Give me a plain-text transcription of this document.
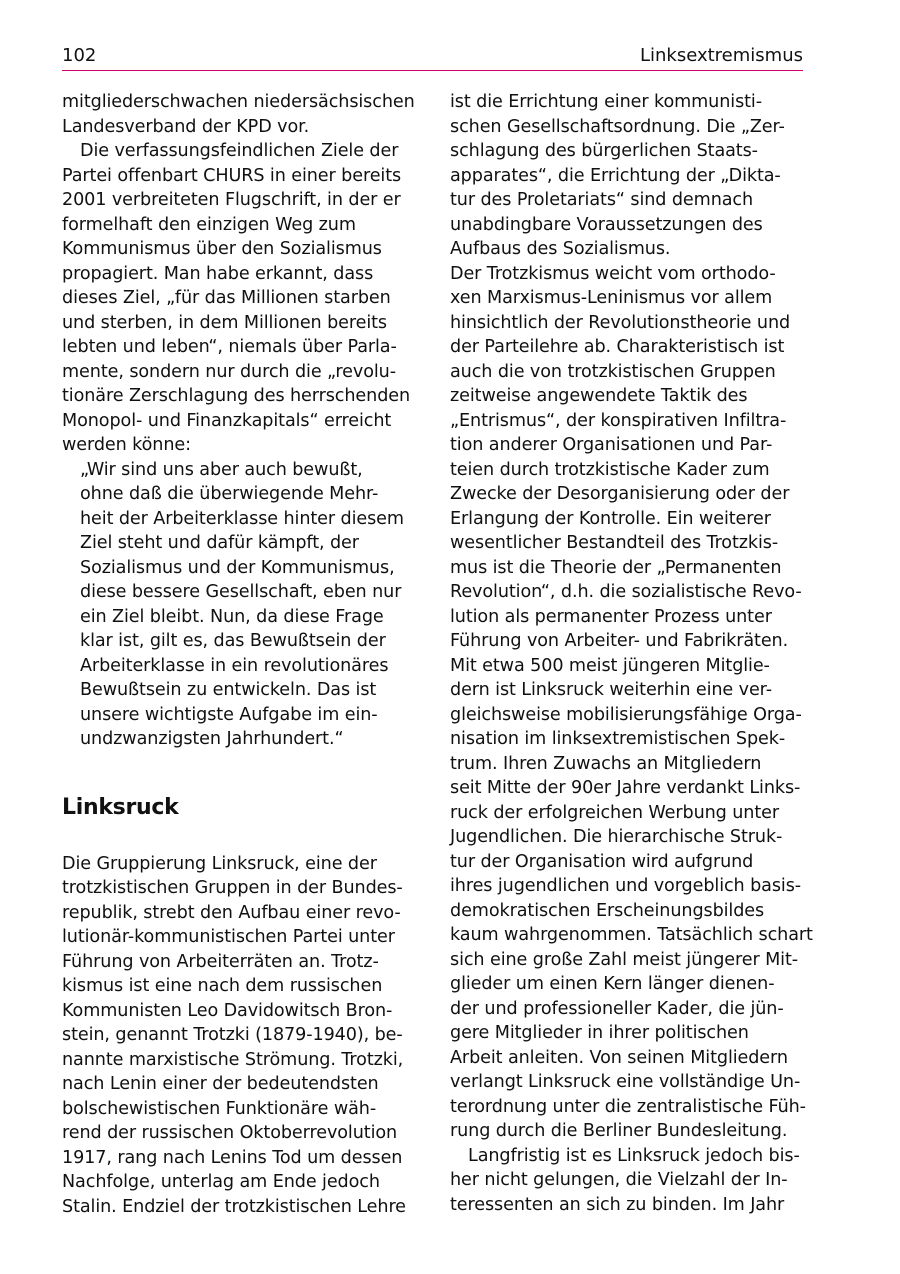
102	Linksextremismus
mitgliederschwachen niedersächsischen
Landesverband der KPD vor.
Die verfassungsfeindlichen Ziele der
Partei offenbart CHURS in einer bereits
2001 verbreiteten Flugschrift, in der er
formelhaft den einzigen Weg zum
Kommunismus über den Sozialismus
propagiert. Man habe erkannt, dass
dieses Ziel, „für das Millionen starben
und sterben, in dem Millionen bereits
lebten und leben“, niemals über Parla-
mente, sondern nur durch die „revolu-
tionäre Zerschlagung des herrschenden
Monopol- und Finanzkapitals“ erreicht
werden könne:
„Wir sind uns aber auch bewußt,
ohne daß die überwiegende Mehr-
heit der Arbeiterklasse hinter diesem
Ziel steht und dafür kämpft, der
Sozialismus und der Kommunismus,
diese bessere Gesellschaft, eben nur
ein Ziel bleibt. Nun, da diese Frage
klar ist, gilt es, das Bewußtsein der
Arbeiterklasse in ein revolutionäres
Bewußtsein zu entwickeln. Das ist
unsere wichtigste Aufgabe im ein-
undzwanzigsten Jahrhundert.“
Linksruck
Die Gruppierung Linksruck, eine der
trotzkistischen Gruppen in der Bundes-
republik, strebt den Aufbau einer revo-
lutionär-kommunistischen Partei unter
Führung von Arbeiterräten an. Trotz-
kismus ist eine nach dem russischen
Kommunisten Leo Davidowitsch Bron-
stein, genannt Trotzki (1879-1940), be-
nannte marxistische Strömung. Trotzki,
nach Lenin einer der bedeutendsten
bolschewistischen Funktionäre wäh-
rend der russischen Oktoberrevolution
1917, rang nach Lenins Tod um dessen
Nachfolge, unterlag am Ende jedoch
Stalin. Endziel der trotzkistischen Lehre
ist die Errichtung einer kommunisti-
schen Gesellschaftsordnung. Die „Zer-
schlagung des bürgerlichen Staats-
apparates“, die Errichtung der „Dikta-
tur des Proletariats“ sind demnach
unabdingbare Voraussetzungen des
Aufbaus des Sozialismus.
Der Trotzkismus weicht vom orthodo-
xen Marxismus-Leninismus vor allem
hinsichtlich der Revolutionstheorie und
der Parteilehre ab. Charakteristisch ist
auch die von trotzkistischen Gruppen
zeitweise angewendete Taktik des
„Entrismus“, der konspirativen Infiltra-
tion anderer Organisationen und Par-
teien durch trotzkistische Kader zum
Zwecke der Desorganisierung oder der
Erlangung der Kontrolle. Ein weiterer
wesentlicher Bestandteil des Trotzkis-
mus ist die Theorie der „Permanenten
Revolution“, d.h. die sozialistische Revo-
lution als permanenter Prozess unter
Führung von Arbeiter- und Fabrikräten.
Mit etwa 500 meist jüngeren Mitglie-
dern ist Linksruck weiterhin eine ver-
gleichsweise mobilisierungsfähige Orga-
nisation im linksextremistischen Spek-
trum. Ihren Zuwachs an Mitgliedern
seit Mitte der 90er Jahre verdankt Links-
ruck der erfolgreichen Werbung unter
Jugendlichen. Die hierarchische Struk-
tur der Organisation wird aufgrund
ihres jugendlichen und vorgeblich basis-
demokratischen Erscheinungsbildes
kaum wahrgenommen. Tatsächlich schart
sich eine große Zahl meist jüngerer Mit-
glieder um einen Kern länger dienen-
der und professioneller Kader, die jün-
gere Mitglieder in ihrer politischen
Arbeit anleiten. Von seinen Mitgliedern
verlangt Linksruck eine vollständige Un-
terordnung unter die zentralistische Füh-
rung durch die Berliner Bundesleitung.
Langfristig ist es Linksruck jedoch bis-
her nicht gelungen, die Vielzahl der In-
teressenten an sich zu binden. Im Jahr
